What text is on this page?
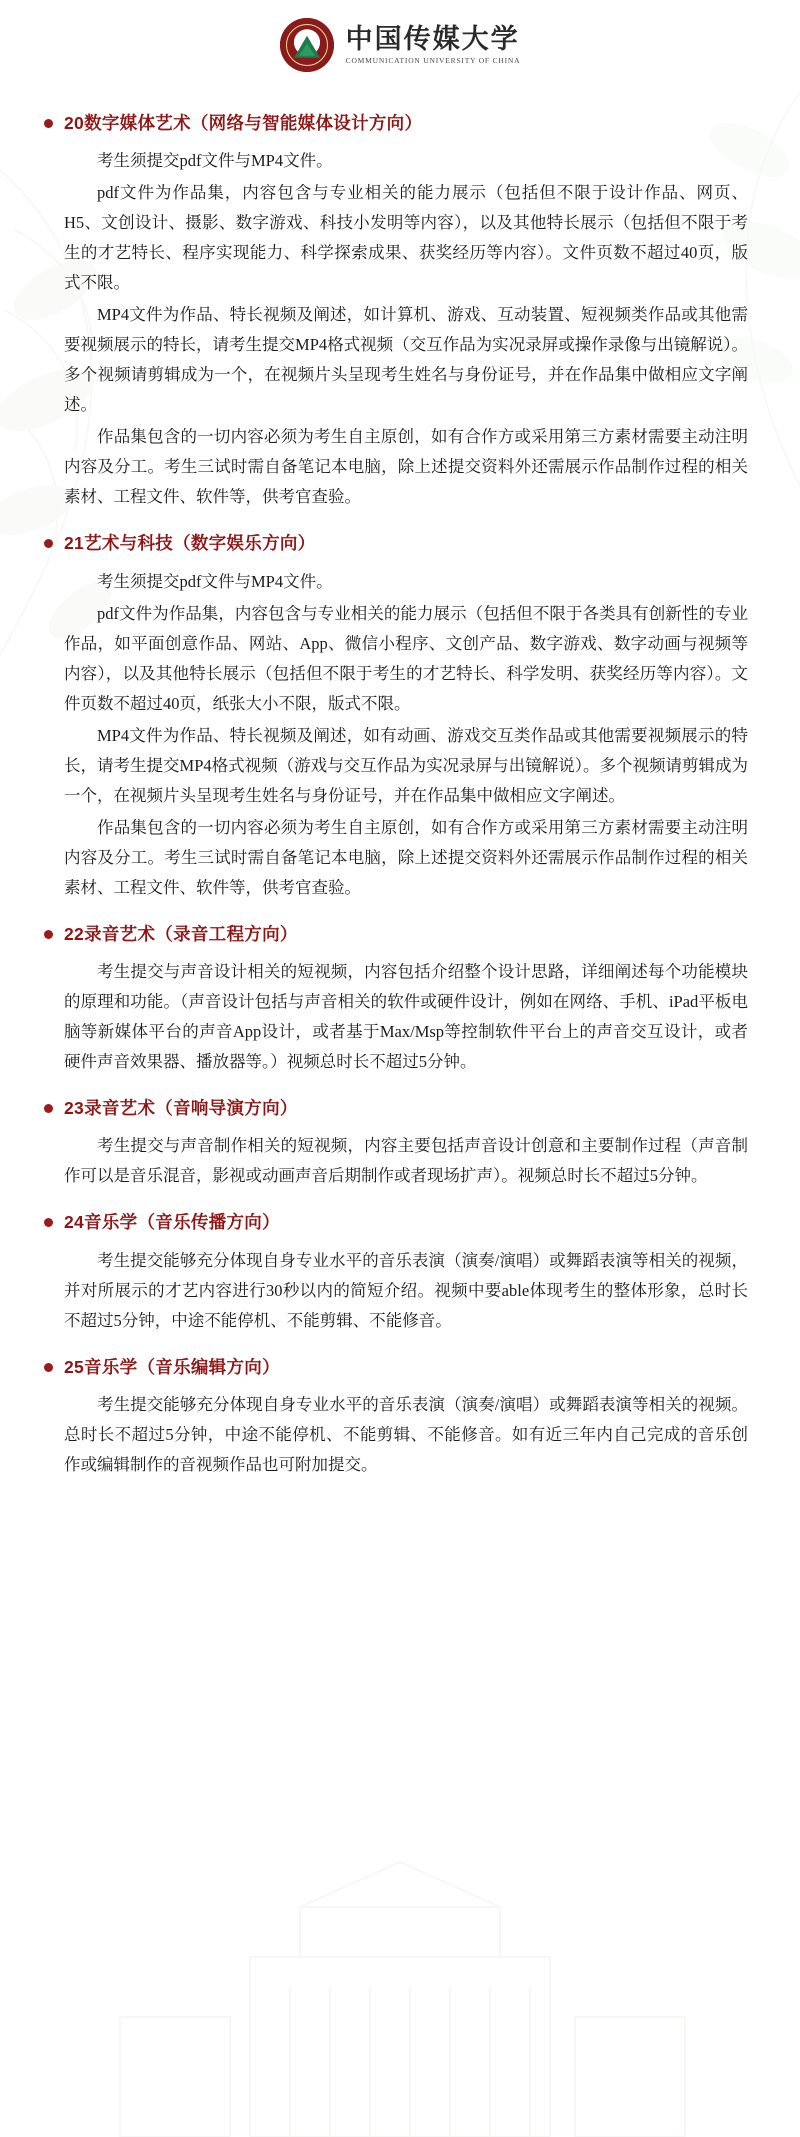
中国传媒大学
COMMUNICATION UNIVERSITY OF CHINA
20数字媒体艺术（网络与智能媒体设计方向）

考生须提交pdf文件与MP4文件。

pdf文件为作品集，内容包含与专业相关的能力展示（包括但不限于设计作品、网页、H5、文创设计、摄影、数字游戏、科技小发明等内容），以及其他特长展示（包括但不限于考生的才艺特长、程序实现能力、科学探索成果、获奖经历等内容）。文件页数不超过40页，版式不限。

MP4文件为作品、特长视频及阐述，如计算机、游戏、互动装置、短视频类作品或其他需要视频展示的特长，请考生提交MP4格式视频（交互作品为实况录屏或操作录像与出镜解说）。多个视频请剪辑成为一个，在视频片头呈现考生姓名与身份证号，并在作品集中做相应文字阐述。

作品集包含的一切内容必须为考生自主原创，如有合作方或采用第三方素材需要主动注明内容及分工。考生三试时需自备笔记本电脑，除上述提交资料外还需展示作品制作过程的相关素材、工程文件、软件等，供考官查验。

21艺术与科技（数字娱乐方向）

考生须提交pdf文件与MP4文件。

pdf文件为作品集，内容包含与专业相关的能力展示（包括但不限于各类具有创新性的专业作品，如平面创意作品、网站、App、微信小程序、文创产品、数字游戏、数字动画与视频等内容），以及其他特长展示（包括但不限于考生的才艺特长、科学发明、获奖经历等内容）。文件页数不超过40页，纸张大小不限，版式不限。

MP4文件为作品、特长视频及阐述，如有动画、游戏交互类作品或其他需要视频展示的特长，请考生提交MP4格式视频（游戏与交互作品为实况录屏与出镜解说）。多个视频请剪辑成为一个，在视频片头呈现考生姓名与身份证号，并在作品集中做相应文字阐述。

作品集包含的一切内容必须为考生自主原创，如有合作方或采用第三方素材需要主动注明内容及分工。考生三试时需自备笔记本电脑，除上述提交资料外还需展示作品制作过程的相关素材、工程文件、软件等，供考官查验。

22录音艺术（录音工程方向）

考生提交与声音设计相关的短视频，内容包括介绍整个设计思路，详细阐述每个功能模块的原理和功能。（声音设计包括与声音相关的软件或硬件设计，例如在网络、手机、iPad平板电脑等新媒体平台的声音App设计，或者基于Max/Msp等控制软件平台上的声音交互设计，或者硬件声音效果器、播放器等。）视频总时长不超过5分钟。

23录音艺术（音响导演方向）

考生提交与声音制作相关的短视频，内容主要包括声音设计创意和主要制作过程（声音制作可以是音乐混音，影视或动画声音后期制作或者现场扩声）。视频总时长不超过5分钟。

24音乐学（音乐传播方向）

考生提交能够充分体现自身专业水平的音乐表演（演奏/演唱）或舞蹈表演等相关的视频，并对所展示的才艺内容进行30秒以内的简短介绍。视频中要able体现考生的整体形象，总时长不超过5分钟，中途不能停机、不能剪辑、不能修音。

25音乐学（音乐编辑方向）

考生提交能够充分体现自身专业水平的音乐表演（演奏/演唱）或舞蹈表演等相关的视频。总时长不超过5分钟，中途不能停机、不能剪辑、不能修音。如有近三年内自己完成的音乐创作或编辑制作的音视频作品也可附加提交。
